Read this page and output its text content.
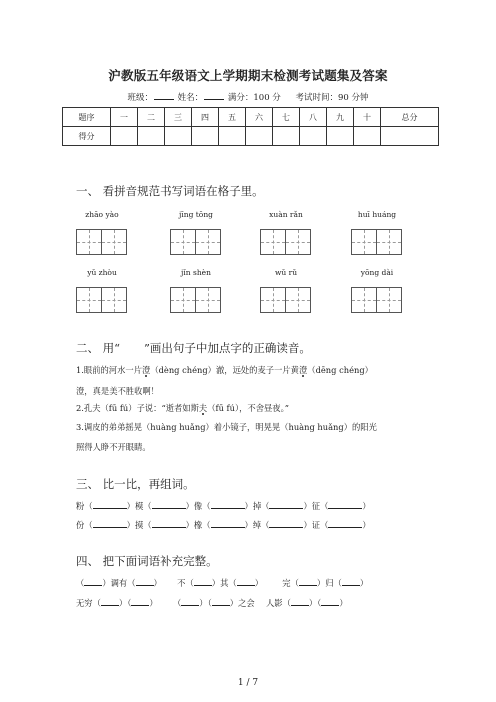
沪教版五年级语文上学期期末检测考试题集及答案
班级：	姓名：	满分：100 分 考试时间：90 分钟
题序	一	二	三	四	五	六	七	八	九	十	总分
得分											
一、 看拼音规范书写词语在格子里。
zhāo yào	jīng tōng	xuàn rǎn	huī huáng
yǔ zhòu	jǐn shèn	wǔ rǔ	yōng dài
二、 用“ ”画出句子中加点字的正确读音。
1.眼前的河水一片澄（dèng chéng）澈，远处的麦子一片黄澄（dēng chéng）
澄，真是美不胜收啊！
2.孔夫（fū fú）子说：“逝者如斯夫（fū fú），不舍昼夜。”
3.调皮的弟弟摇晃（huàng huǎng）着小镜子，明晃晃（huàng huǎng）的阳光
照得人睁不开眼睛。
三、 比一比，再组词。
粉（	）模（	）像（	）掉（	）征（	）
份（	）摸（	）橡（	）绰（	）证（	）
四、 把下面词语补充完整。
（ ）调有（ ） 不（ ）其（ ） 完（ ）归（ ）
无穷（ ）（ ） （ ）（ ）之会 人影（ ）（ ）
1 / 7
